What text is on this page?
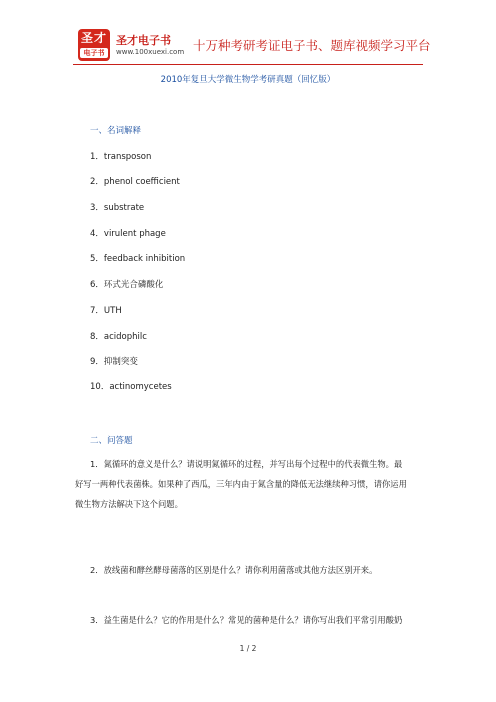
圣才
电子书
圣才电子书
www.100xuexi.com 十万种考研考证电子书、题库视频学习平台
2010年复旦大学微生物学考研真题（回忆版）
一、名词解释
1．transposon
2．phenol coefficient
3．substrate
4．virulent phage
5．feedback inhibition
6．环式光合磷酸化
7．UTH
8．acidophilc
9．抑制突变
10．actinomycetes
二、问答题
1．氮循环的意义是什么？请说明氮循环的过程，并写出每个过程中的代表微生物。最
好写一两种代表菌株。如果种了西瓜，三年内由于氮含量的降低无法继续种习惯，请你运用
微生物方法解决下这个问题。
2．放线菌和酵丝酵母菌落的区别是什么？请你利用菌落或其他方法区别开来。
3．益生菌是什么？它的作用是什么？常见的菌种是什么？请你写出我们平常引用酸奶
1 / 2
